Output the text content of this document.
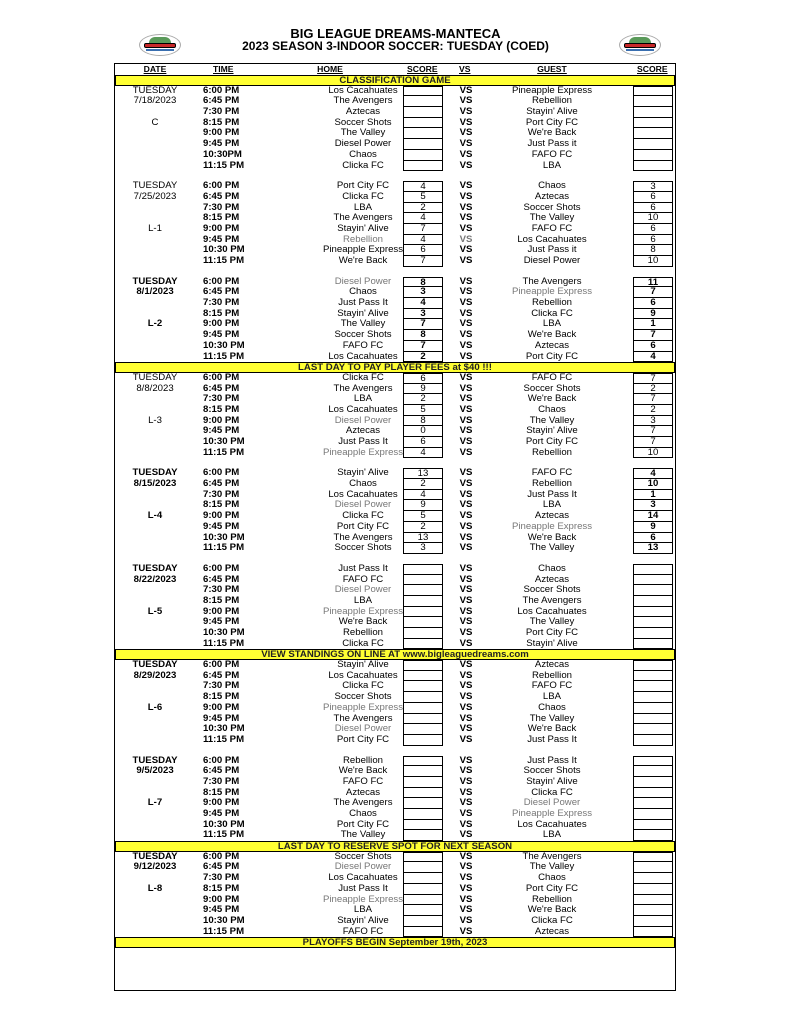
BIG LEAGUE DREAMS-MANTECA
2023 SEASON 3-INDOOR SOCCER: TUESDAY (COED)
DATE	TIME	HOME	SCORE VS	GUEST	SCORE
CLASSIFICATION GAME
TUESDAY	6:00 PM	Los Cacahuates	VS	Pineapple Express
7/18/2023	6:45 PM	The Avengers	VS	Rebellion
7:30 PM	Aztecas	VS	Stayin' Alive
C	8:15 PM	Soccer Shots	VS	Port City FC
9:00 PM	The Valley	VS	We're Back
9:45 PM	Diesel Power	VS	Just Pass it
10:30PM	Chaos	VS	FAFO FC
11:15 PM	Clicka FC	VS	LBA
TUESDAY	6:00 PM	Port City FC	4	VS	Chaos	3
7/25/2023	6:45 PM	Clicka FC	5	VS	Aztecas	6
7:30 PM	LBA	2	VS	Soccer Shots	6
8:15 PM	The Avengers	4	VS	The Valley	10
L-1	9:00 PM	Stayin' Alive	7	VS	FAFO FC	6
9:45 PM	Rebellion	4	VS	Los Cacahuates	6
10:30 PM	Pineapple Express	6	VS	Just Pass it	8
11:15 PM	We're Back	7	VS	Diesel Power	10
TUESDAY	6:00 PM	Diesel Power	8	VS	The Avengers	11
8/1/2023	6:45 PM	Chaos	3	VS	Pineapple Express	7
7:30 PM	Just Pass It	4	VS	Rebellion	6
8:15 PM	Stayin' Alive	3	VS	Clicka FC	9
L-2	9:00 PM	The Valley	7	VS	LBA	1
9:45 PM	Soccer Shots	8	VS	We're Back	7
10:30 PM	FAFO FC	7	VS	Aztecas	6
11:15 PM	Los Cacahuates	2	VS	Port City FC	4
LAST DAY TO PAY PLAYER FEES at $40 !!!
TUESDAY	6:00 PM	Clicka FC	6	VS	FAFO FC	7
8/8/2023	6:45 PM	The Avengers	9	VS	Soccer Shots	2
7:30 PM	LBA	2	VS	We're Back	7
8:15 PM	Los Cacahuates	5	VS	Chaos	2
L-3	9:00 PM	Diesel Power	8	VS	The Valley	3
9:45 PM	Aztecas	0	VS	Stayin' Alive	7
10:30 PM	Just Pass It	6	VS	Port City FC	7
11:15 PM	Pineapple Express	4	VS	Rebellion	10
TUESDAY	6:00 PM	Stayin' Alive	13	VS	FAFO FC	4
8/15/2023	6:45 PM	Chaos	2	VS	Rebellion	10
7:30 PM	Los Cacahuates	4	VS	Just Pass It	1
8:15 PM	Diesel Power	9	VS	LBA	3
L-4	9:00 PM	Clicka FC	5	VS	Aztecas	14
9:45 PM	Port City FC	2	VS	Pineapple Express	9
10:30 PM	The Avengers	13	VS	We're Back	6
11:15 PM	Soccer Shots	3	VS	The Valley	13
TUESDAY	6:00 PM	Just Pass It	VS	Chaos
8/22/2023	6:45 PM	FAFO FC	VS	Aztecas
7:30 PM	Diesel Power	VS	Soccer Shots
8:15 PM	LBA	VS	The Avengers
L-5	9:00 PM	Pineapple Express	VS	Los Cacahuates
9:45 PM	We're Back	VS	The Valley
10:30 PM	Rebellion	VS	Port City FC
11:15 PM	Clicka FC	VS	Stayin' Alive
VIEW STANDINGS ON LINE AT www.bigleaguedreams.com
TUESDAY	6:00 PM	Stayin' Alive	VS	Aztecas
8/29/2023	6:45 PM	Los Cacahuates	VS	Rebellion
7:30 PM	Clicka FC	VS	FAFO FC
8:15 PM	Soccer Shots	VS	LBA
L-6	9:00 PM	Pineapple Express	VS	Chaos
9:45 PM	The Avengers	VS	The Valley
10:30 PM	Diesel Power	VS	We're Back
11:15 PM	Port City FC	VS	Just Pass It
TUESDAY	6:00 PM	Rebellion	VS	Just Pass It
9/5/2023	6:45 PM	We're Back	VS	Soccer Shots
7:30 PM	FAFO FC	VS	Stayin' Alive
8:15 PM	Aztecas	VS	Clicka FC
L-7	9:00 PM	The Avengers	VS	Diesel Power
9:45 PM	Chaos	VS	Pineapple Express
10:30 PM	Port City FC	VS	Los Cacahuates
11:15 PM	The Valley	VS	LBA
LAST DAY TO RESERVE SPOT FOR NEXT SEASON
TUESDAY	6:00 PM	Soccer Shots	VS	The Avengers
9/12/2023	6:45 PM	Diesel Power	VS	The Valley
7:30 PM	Los Cacahuates	VS	Chaos
L-8	8:15 PM	Just Pass It	VS	Port City FC
9:00 PM	Pineapple Express	VS	Rebellion
9:45 PM	LBA	VS	We're Back
10:30 PM	Stayin' Alive	VS	Clicka FC
11:15 PM	FAFO FC	VS	Aztecas
PLAYOFFS BEGIN September 19th, 2023
